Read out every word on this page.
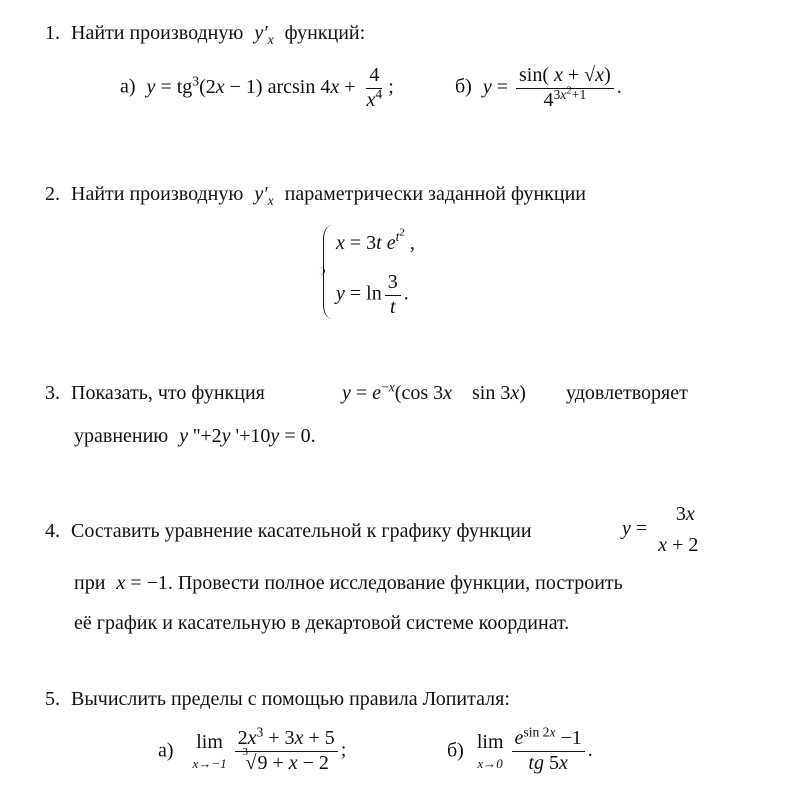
1. Найти производную $y'_x$ функций:
а) $y = tg^3(2x - 1)$ $\arcsin 4x + \frac{4}{x^4}$ ;	б) $y = \frac{\sin( x + √x)}{4^{3x^2+1}}$ .
2. Найти производную $y'_x$ параметрически заданной функции
x = 3t $e^{t^2}$ ,
$y = \ln \frac{3}{t}$ .
3. Показать, что функция	$y = e^{-x}(\cos$ 3x    sin 3x) удовлетворяет
уравнению y ''+2y '+10y = 0.
4. Составить уравнение касательной к графику функции	y =
3x
x + 2
при x = −1. Провести полное исследование функции, построить
её график и касательную в декартовой системе координат.
5. Вычислить пределы с помощью правила Лопиталя:
а) lim
x→−1
$2x^3 + 3x + 5$
3
√ 9 + x − 2 ;	б) lim
x→0
$\frac{e^{sin 2x} -1}{tg 5x}$ .
